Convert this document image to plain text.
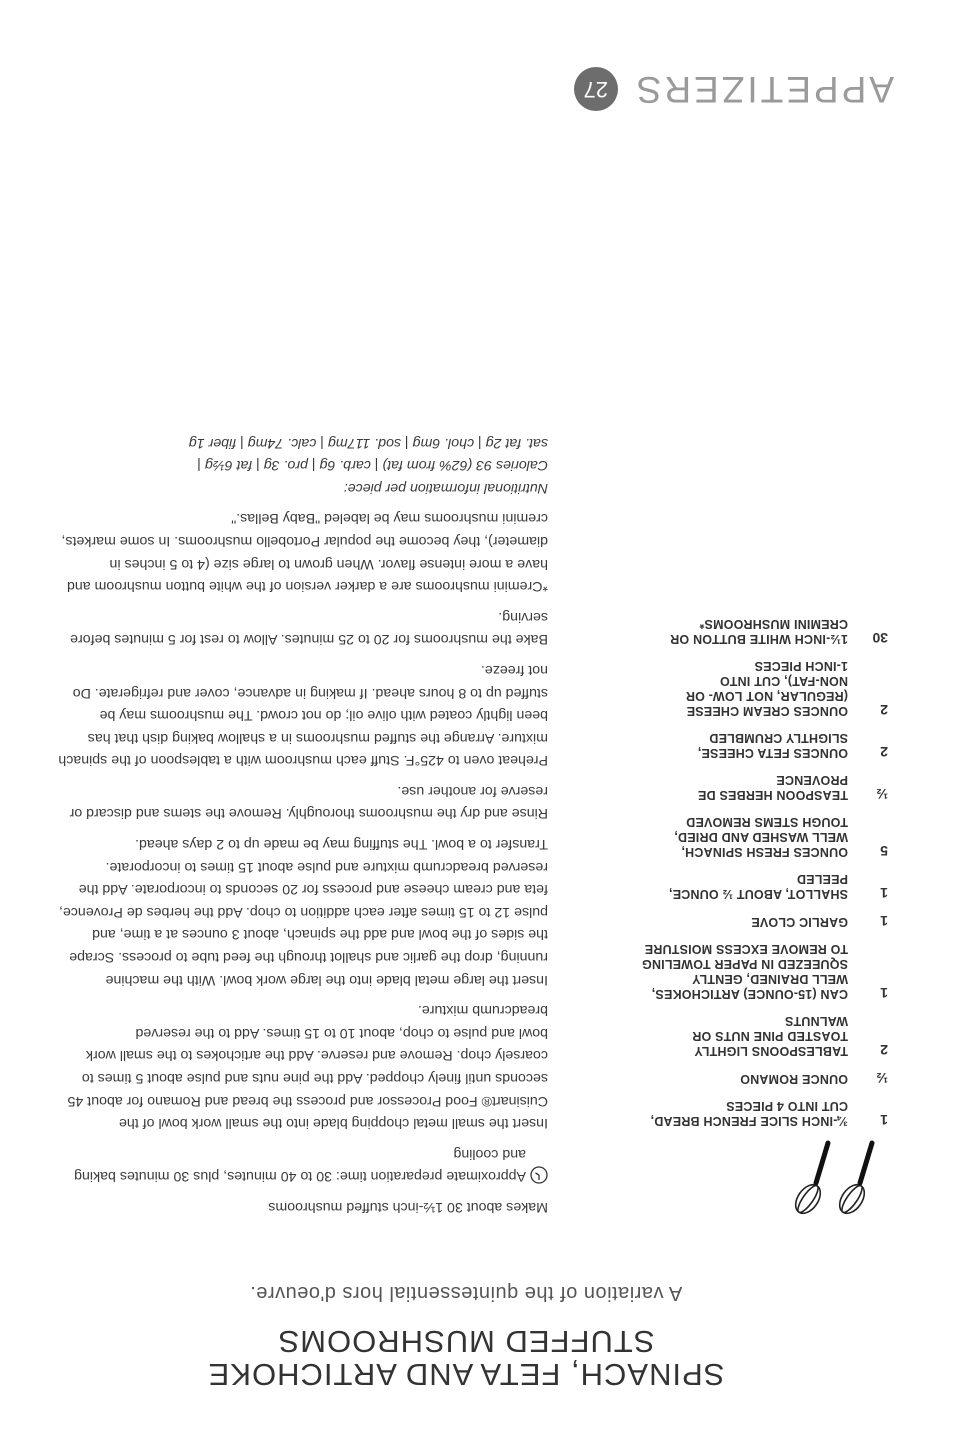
APPETIZERS
27
SPINACH, FETA AND ARTICHOKE
STUFFED MUSHROOMS
A variation of the quintessential hors d'oeuvre.
1
¾-INCH SLICE FRENCH BREAD,
CUT INTO 4 PIECES
½
OUNCE ROMANO
2
TABLESPOONS LIGHTLY
TOASTED PINE NUTS OR
WALNUTS
1
CAN (15-OUNCE) ARTICHOKES,
WELL DRAINED, GENTLY
SQUEEZED IN PAPER TOWELING
TO REMOVE EXCESS MOISTURE
1
GARLIC CLOVE
1
SHALLOT, ABOUT ½ OUNCE,
PEELED
5
OUNCES FRESH SPINACH,
WELL WASHED AND DRIED,
TOUGH STEMS REMOVED
½
TEASPOON HERBES DE
PROVENCE
2
OUNCES FETA CHEESE,
SLIGHTLY CRUMBLED
2
OUNCES CREAM CHEESE
(REGULAR, NOT LOW- OR
NON-FAT), CUT INTO
1-INCH PIECES
30
1½-INCH WHITE BUTTON OR
CREMINI MUSHROOMS*

Makes about 30 1½-inch stuffed mushrooms

Approximate preparation time: 30 to 40 minutes, plus 30 minutes baking and cooling

Insert the small metal chopping blade into the small work bowl of the Cuisinart® Food Processor and process the bread and Romano for about 45 seconds until finely chopped. Add the pine nuts and pulse about 5 times to coarsely chop. Remove and reserve. Add the artichokes to the small work bowl and pulse to chop, about 10 to 15 times. Add to the reserved breadcrumb mixture.

Insert the large metal blade into the large work bowl. With the machine running, drop the garlic and shallot through the feed tube to process. Scrape the sides of the bowl and add the spinach, about 3 ounces at a time, and pulse 12 to 15 times after each addition to chop. Add the herbes de Provence, feta and cream cheese and process for 20 seconds to incorporate. Add the reserved breadcrumb mixture and pulse about 15 times to incorporate. Transfer to a bowl. The stuffing may be made up to 2 days ahead.

Rinse and dry the mushrooms thoroughly. Remove the stems and discard or reserve for another use.

Preheat oven to 425°F. Stuff each mushroom with a tablespoon of the spinach mixture. Arrange the stuffed mushrooms in a shallow baking dish that has been lightly coated with olive oil; do not crowd. The mushrooms may be stuffed up to 8 hours ahead. If making in advance, cover and refrigerate. Do not freeze.

Bake the mushrooms for 20 to 25 minutes. Allow to rest for 5 minutes before serving.

*Cremini mushrooms are a darker version of the white button mushroom and have a more intense flavor. When grown to large size (4 to 5 inches in diameter), they become the popular Portobello mushrooms. In some markets, cremini mushrooms may be labeled "Baby Bellas."

Nutritional information per piece:

Calories 93 (62% from fat) | carb. 6g | pro. 3g | fat 6½g |

sat. fat 2g | chol. 6mg | sod. 117mg | calc. 74mg | fiber 1g
